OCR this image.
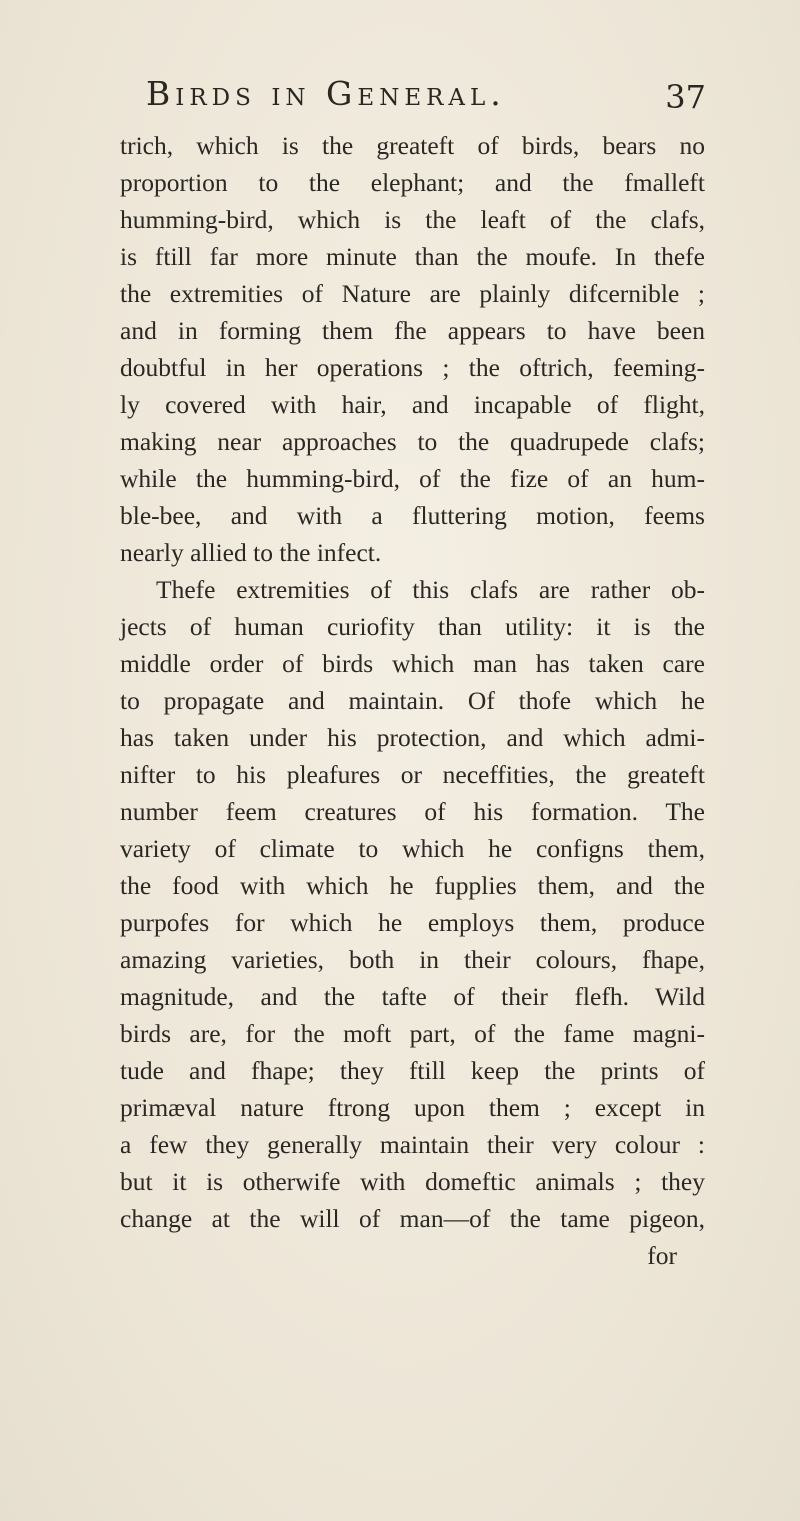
Birds in General.	37
trich, which is the greateft of birds, bears no
proportion to the elephant; and the fmalleft
humming-bird, which is the leaft of the clafs,
is ftill far more minute than the moufe. In thefe
the extremities of Nature are plainly difcernible ;
and in forming them fhe appears to have been
doubtful in her operations ; the oftrich, feeming-
ly covered with hair, and incapable of flight,
making near approaches to the quadrupede clafs;
while the humming-bird, of the fize of an hum-
ble-bee, and with a fluttering motion, feems
nearly allied to the infect.
Thefe extremities of this clafs are rather ob-
jects of human curiofity than utility: it is the
middle order of birds which man has taken care
to propagate and maintain. Of thofe which he
has taken under his protection, and which admi-
nifter to his pleafures or neceffities, the greateft
number feem creatures of his formation. The
variety of climate to which he configns them,
the food with which he fupplies them, and the
purpofes for which he employs them, produce
amazing varieties, both in their colours, fhape,
magnitude, and the tafte of their flefh. Wild
birds are, for the moft part, of the fame magni-
tude and fhape; they ftill keep the prints of
primæval nature ftrong upon them ; except in
a few they generally maintain their very colour :
but it is otherwife with domeftic animals ; they
change at the will of man—of the tame pigeon,
for
